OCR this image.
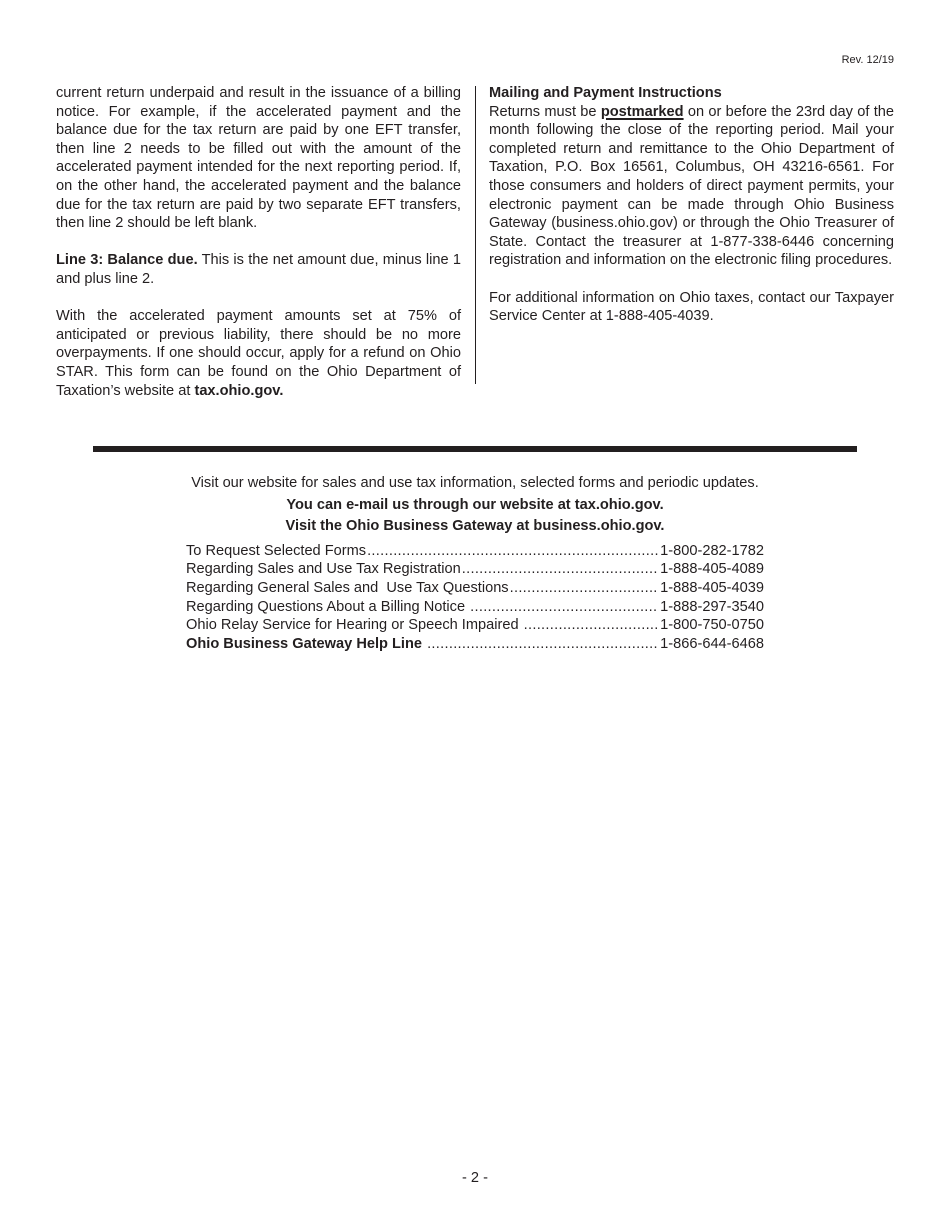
Rev. 12/19

current return underpaid and result in the issuance of a billing notice. For example, if the accelerated payment and the balance due for the tax return are paid by one EFT transfer, then line 2 needs to be filled out with the amount of the accelerated payment intended for the next reporting period. If, on the other hand, the accelerated payment and the balance due for the tax return are paid by two separate EFT transfers, then line 2 should be left blank.

Line 3: Balance due. This is the net amount due, minus line 1 and plus line 2.

With the accelerated payment amounts set at 75% of anticipated or previous liability, there should be no more overpayments. If one should occur, apply for a refund on Ohio STAR. This form can be found on the Ohio Department of Taxation’s website at tax.ohio.gov.

Mailing and Payment Instructions

Returns must be postmarked on or before the 23rd day of the month following the close of the reporting period. Mail your completed return and remittance to the Ohio Department of Taxation, P.O. Box 16561, Columbus, OH 43216-6561. For those consumers and holders of direct payment permits, your electronic payment can be made through Ohio Business Gateway (business.ohio.gov) or through the Ohio Treasurer of State. Contact the treasurer at 1-877-338-6446 concerning registration and information on the electronic filing procedures.

For additional information on Ohio taxes, contact our Taxpayer Service Center at 1-888-405-4039.

Visit our website for sales and use tax information, selected forms and periodic updates.
You can e-mail us through our website at tax.ohio.gov.
Visit the Ohio Business Gateway at business.ohio.gov.
To Request Selected Forms .....	1-800-282-1782
Regarding Sales and Use Tax Registration .....	1-888-405-4089
Regarding General Sales and  Use Tax Questions .....	1-888-405-4039
Regarding Questions About a Billing Notice .....	1-888-297-3540
Ohio Relay Service for Hearing or Speech Impaired .....	1-800-750-0750
Ohio Business Gateway Help Line .....	1-866-644-6468
- 2 -
